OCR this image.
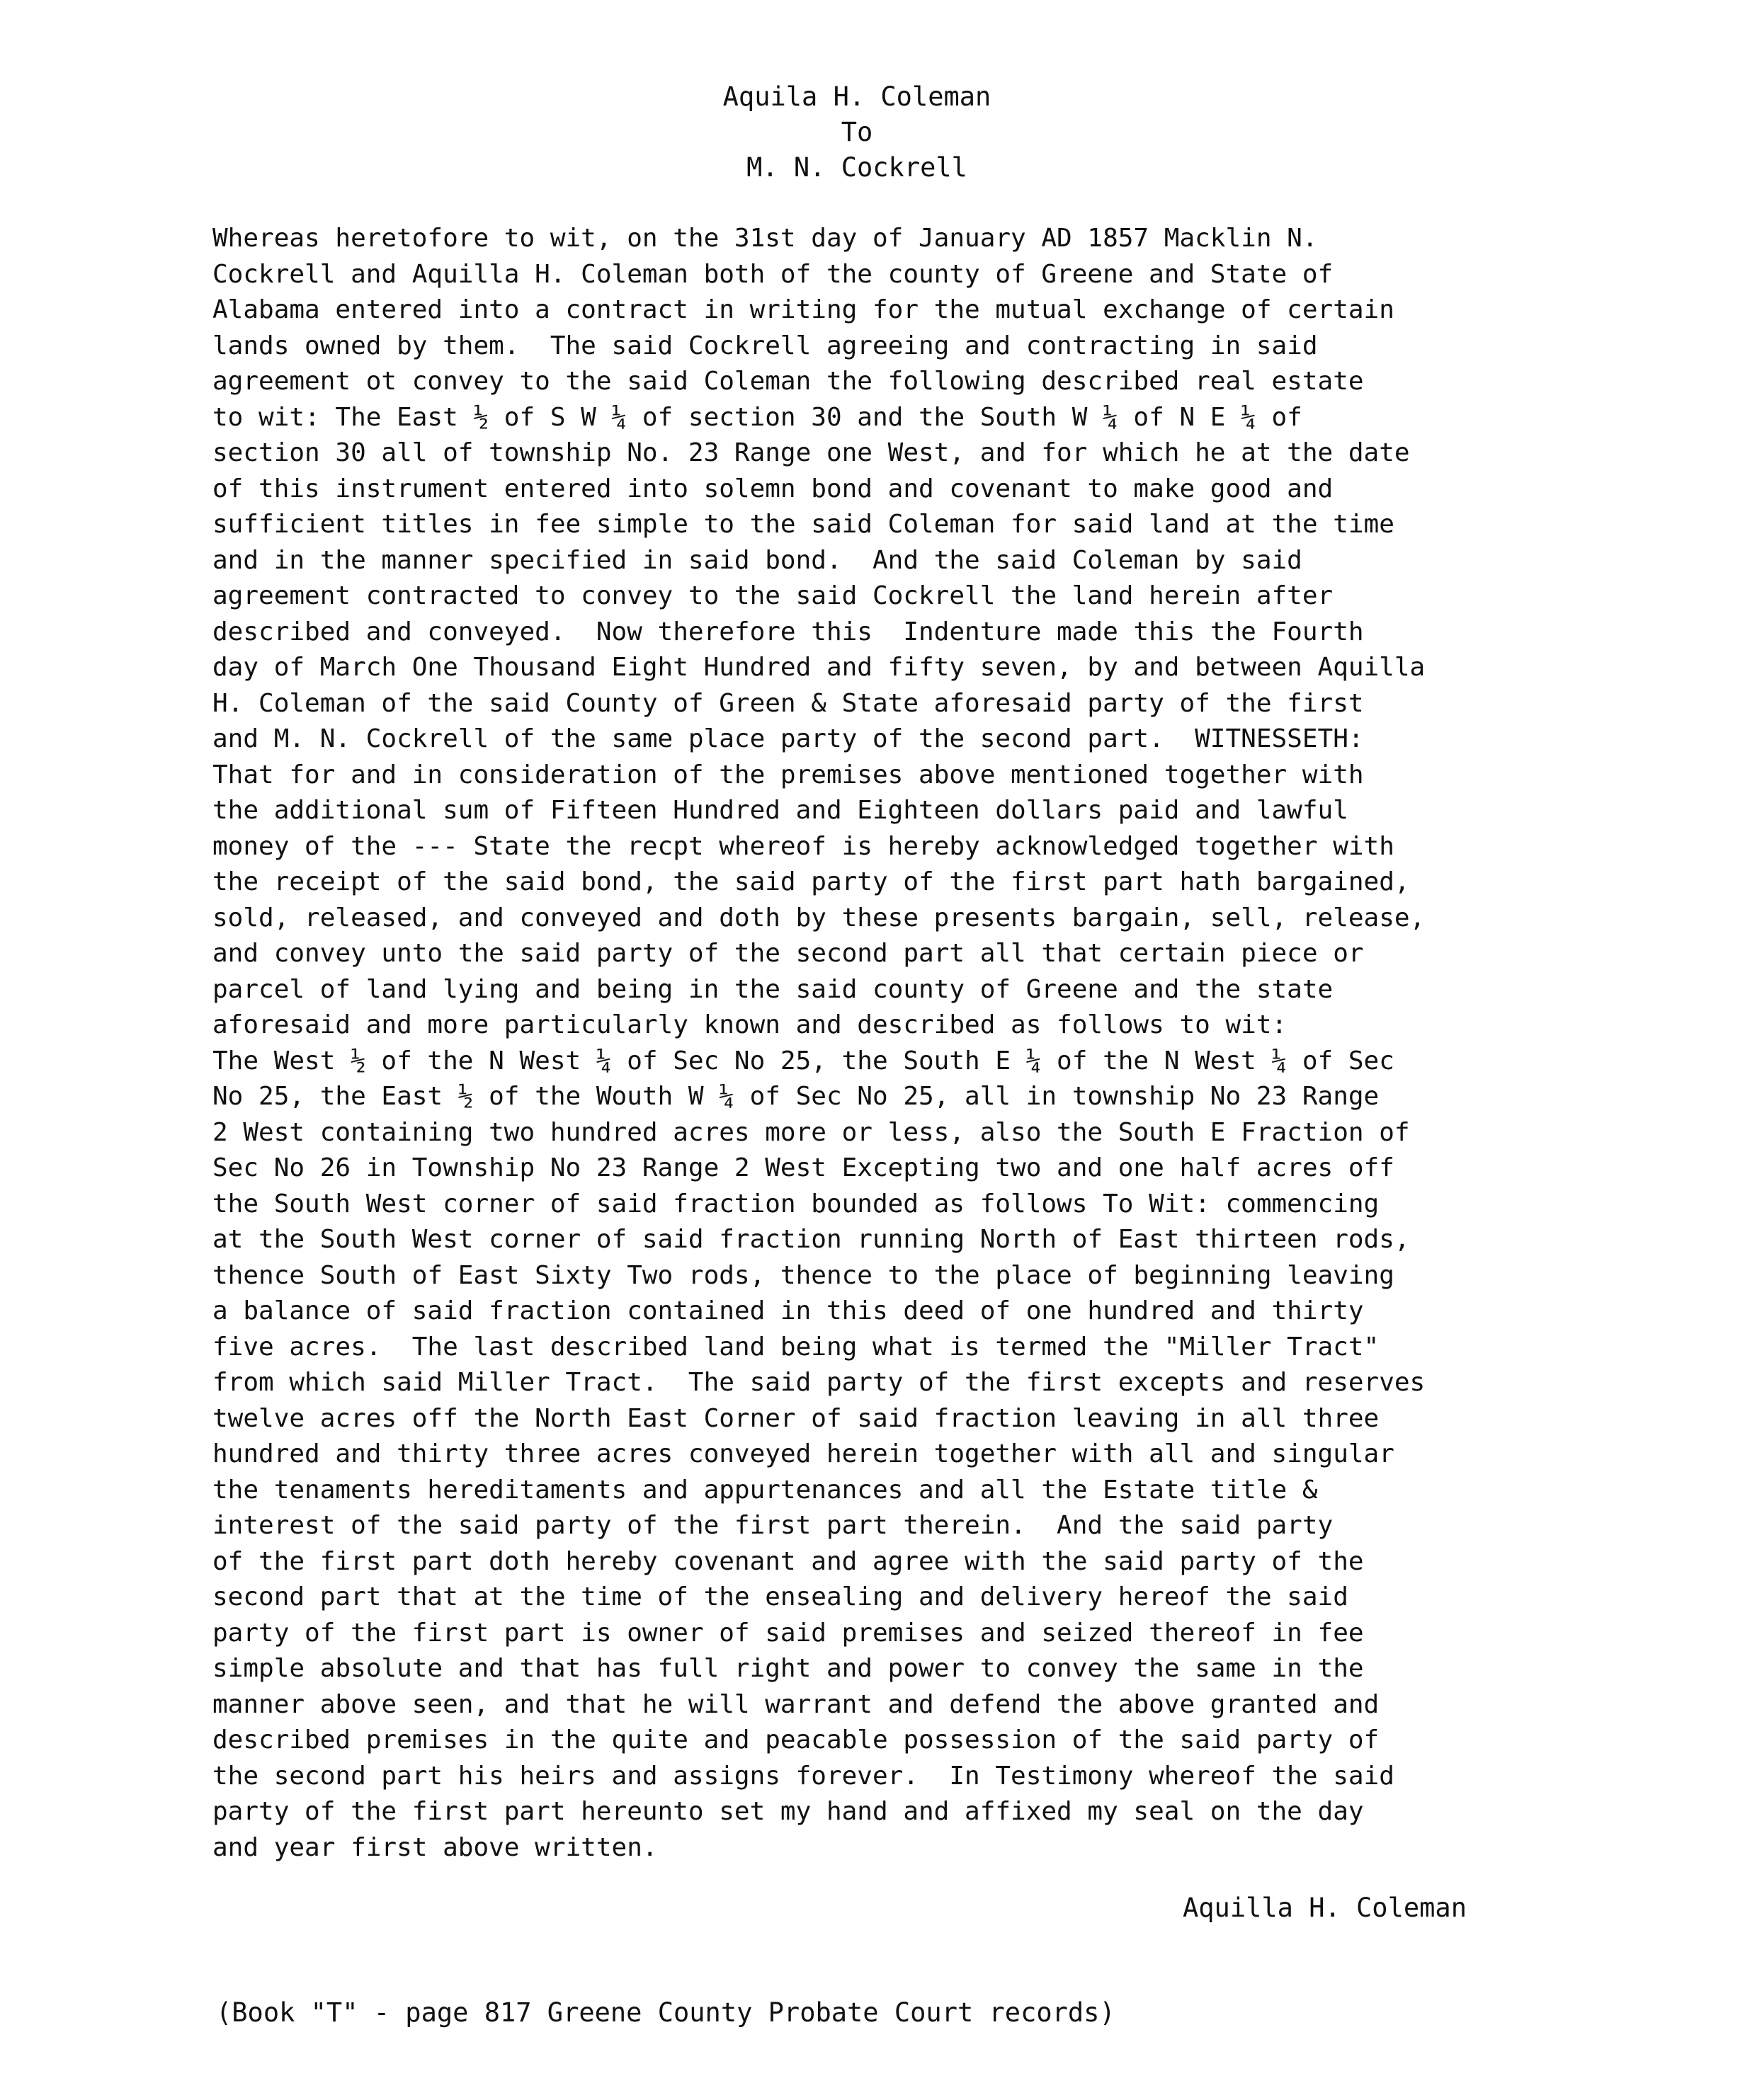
Aquila H. Coleman
To
M. N. Cockrell
Whereas heretofore to wit, on the 31st day of January AD 1857 Macklin N.
Cockrell and Aquilla H. Coleman both of the county of Greene and State of
Alabama entered into a contract in writing for the mutual exchange of certain
lands owned by them.  The said Cockrell agreeing and contracting in said
agreement ot convey to the said Coleman the following described real estate
to wit: The East ½ of S W ¼ of section 30 and the South W ¼ of N E ¼ of
section 30 all of township No. 23 Range one West, and for which he at the date
of this instrument entered into solemn bond and covenant to make good and
sufficient titles in fee simple to the said Coleman for said land at the time
and in the manner specified in said bond.  And the said Coleman by said
agreement contracted to convey to the said Cockrell the land herein after
described and conveyed.  Now therefore this  Indenture made this the Fourth
day of March One Thousand Eight Hundred and fifty seven, by and between Aquilla
H. Coleman of the said County of Green & State aforesaid party of the first
and M. N. Cockrell of the same place party of the second part.  WITNESSETH:
That for and in consideration of the premises above mentioned together with
the additional sum of Fifteen Hundred and Eighteen dollars paid and lawful
money of the --- State the recpt whereof is hereby acknowledged together with
the receipt of the said bond, the said party of the first part hath bargained,
sold, released, and conveyed and doth by these presents bargain, sell, release,
and convey unto the said party of the second part all that certain piece or
parcel of land lying and being in the said county of Greene and the state
aforesaid and more particularly known and described as follows to wit:
The West ½ of the N West ¼ of Sec No 25, the South E ¼ of the N West ¼ of Sec
No 25, the East ½ of the Wouth W ¼ of Sec No 25, all in township No 23 Range
2 West containing two hundred acres more or less, also the South E Fraction of
Sec No 26 in Township No 23 Range 2 West Excepting two and one half acres off
the South West corner of said fraction bounded as follows To Wit: commencing
at the South West corner of said fraction running North of East thirteen rods,
thence South of East Sixty Two rods, thence to the place of beginning leaving
a balance of said fraction contained in this deed of one hundred and thirty
five acres.  The last described land being what is termed the "Miller Tract"
from which said Miller Tract.  The said party of the first excepts and reserves
twelve acres off the North East Corner of said fraction leaving in all three
hundred and thirty three acres conveyed herein together with all and singular
the tenaments hereditaments and appurtenances and all the Estate title &
interest of the said party of the first part therein.  And the said party
of the first part doth hereby covenant and agree with the said party of the
second part that at the time of the ensealing and delivery hereof the said
party of the first part is owner of said premises and seized thereof in fee
simple absolute and that has full right and power to convey the same in the
manner above seen, and that he will warrant and defend the above granted and
described premises in the quite and peacable possession of the said party of
the second part his heirs and assigns forever.  In Testimony whereof the said
party of the first part hereunto set my hand and affixed my seal on the day
and year first above written.
Aquilla H. Coleman
(Book "T" - page 817 Greene County Probate Court records)
